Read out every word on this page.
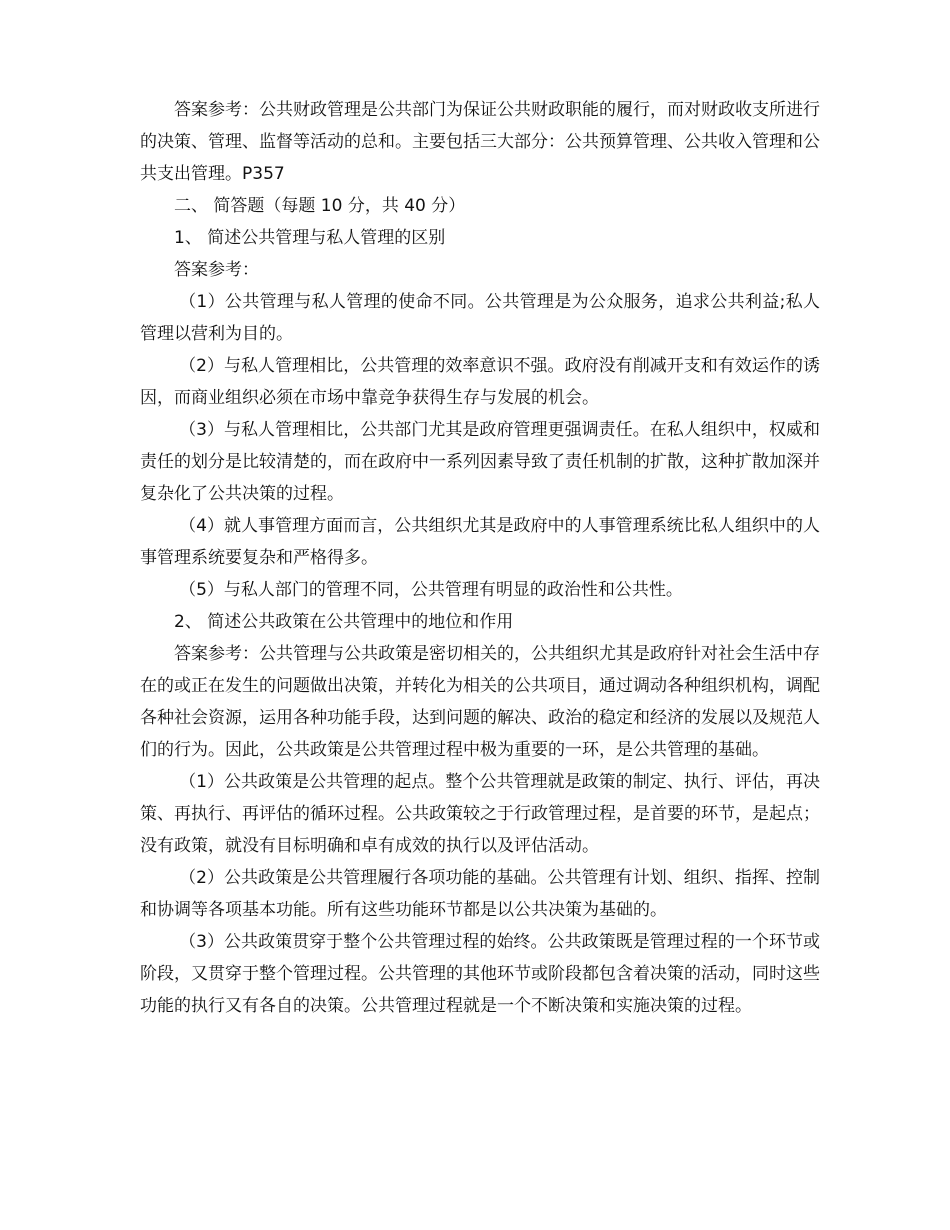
答案参考：公共财政管理是公共部门为保证公共财政职能的履行，而对财政收支所进行的决策、管理、监督等活动的总和。主要包括三大部分：公共预算管理、公共收入管理和公共支出管理。P357

二、 简答题（每题 10 分，共 40 分）

1、 简述公共管理与私人管理的区别

答案参考：

（1）公共管理与私人管理的使命不同。公共管理是为公众服务，追求公共利益;私人管理以营利为目的。

（2）与私人管理相比，公共管理的效率意识不强。政府没有削减开支和有效运作的诱因，而商业组织必须在市场中靠竞争获得生存与发展的机会。

（3）与私人管理相比，公共部门尤其是政府管理更强调责任。在私人组织中，权威和责任的划分是比较清楚的，而在政府中一系列因素导致了责任机制的扩散，这种扩散加深并复杂化了公共决策的过程。

（4）就人事管理方面而言，公共组织尤其是政府中的人事管理系统比私人组织中的人事管理系统要复杂和严格得多。

（5）与私人部门的管理不同，公共管理有明显的政治性和公共性。

2、 简述公共政策在公共管理中的地位和作用

答案参考：公共管理与公共政策是密切相关的，公共组织尤其是政府针对社会生活中存在的或正在发生的问题做出决策，并转化为相关的公共项目，通过调动各种组织机构，调配各种社会资源，运用各种功能手段，达到问题的解决、政治的稳定和经济的发展以及规范人们的行为。因此，公共政策是公共管理过程中极为重要的一环，是公共管理的基础。

（1）公共政策是公共管理的起点。整个公共管理就是政策的制定、执行、评估，再决策、再执行、再评估的循环过程。公共政策较之于行政管理过程，是首要的环节，是起点；没有政策，就没有目标明确和卓有成效的执行以及评估活动。

（2）公共政策是公共管理履行各项功能的基础。公共管理有计划、组织、指挥、控制和协调等各项基本功能。所有这些功能环节都是以公共决策为基础的。

（3）公共政策贯穿于整个公共管理过程的始终。公共政策既是管理过程的一个环节或阶段，又贯穿于整个管理过程。公共管理的其他环节或阶段都包含着决策的活动，同时这些功能的执行又有各自的决策。公共管理过程就是一个不断决策和实施决策的过程。
